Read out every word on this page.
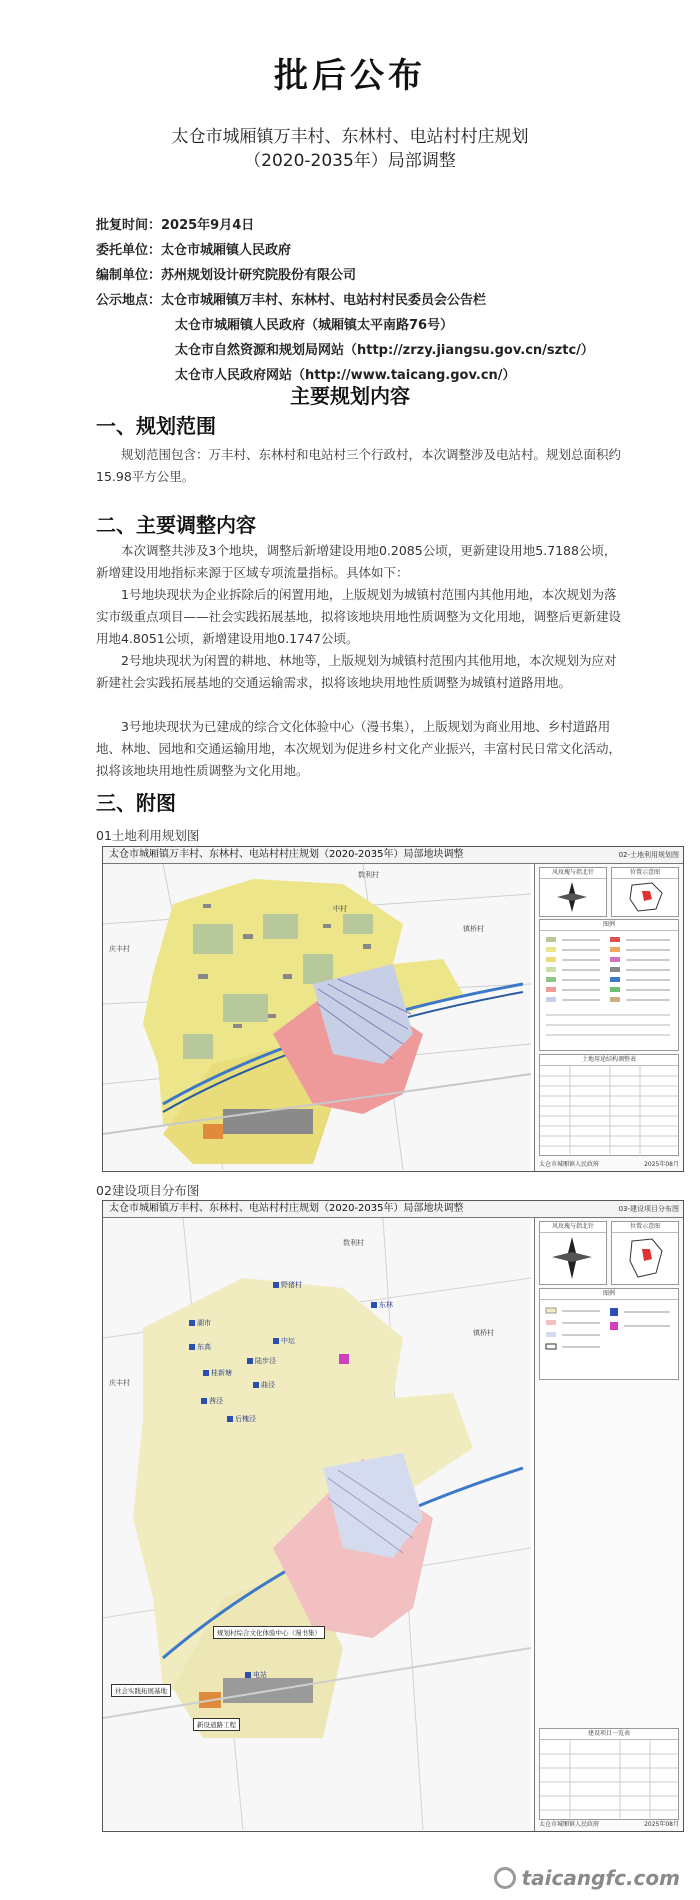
批后公布
太仓市城厢镇万丰村、东林村、电站村村庄规划
（2020-2035年）局部调整
批复时间：2025年9月4日
委托单位：太仓市城厢镇人民政府
编制单位：苏州规划设计研究院股份有限公司
公示地点：太仓市城厢镇万丰村、东林村、电站村村民委员会公告栏
太仓市城厢镇人民政府（城厢镇太平南路76号）
太仓市自然资源和规划局网站（http://zrzy.jiangsu.gov.cn/sztc/）
太仓市人民政府网站（http://www.taicang.gov.cn/）
主要规划内容
一、规划范围
规划范围包含：万丰村、东林村和电站村三个行政村，本次调整涉及电站村。规划总面积约15.98平方公里。
二、主要调整内容
本次调整共涉及3个地块，调整后新增建设用地0.2085公顷，更新建设用地5.7188公顷，新增建设用地指标来源于区域专项流量指标。具体如下：
1号地块现状为企业拆除后的闲置用地，上版规划为城镇村范围内其他用地，本次规划为落实市级重点项目——社会实践拓展基地，拟将该地块用地性质调整为文化用地，调整后更新建设用地4.8051公顷，新增建设用地0.1747公顷。
2号地块现状为闲置的耕地、林地等，上版规划为城镇村范围内其他用地，本次规划为应对新建社会实践拓展基地的交通运输需求，拟将该地块用地性质调整为城镇村道路用地。
3号地块现状为已建成的综合文化体验中心（漫书集），上版规划为商业用地、乡村道路用地、林地、园地和交通运输用地，本次规划为促进乡村文化产业振兴，丰富村民日常文化活动，拟将该地块用地性质调整为文化用地。
三、附图
01土地利用规划图
太仓市城厢镇万丰村、东林村、电站村村庄规划（2020-2035年）局部地块调整	02-土地利用规划图
数利村
中村
庆丰村
镇桥村
风玫瑰与指北针	位置示意图
图例
土地用途结构调整表
太仓市城厢镇人民政府	2025年08月
02建设项目分布图
太仓市城厢镇万丰村、东林村、电站村村庄规划（2020-2035年）局部地块调整	03-建设项目分布图
野猪村
东林
湖市
东高
中坛
陆步泾
桂新塘
曲泾
茜泾
后槐泾
电站
庆丰村
数利村
镇桥村
规划村综合文化体验中心（漫书集）
社会实践拓展基地
新设道路工程
风玫瑰与指北针	位置示意图
图例
建设项目一览表
太仓市城厢镇人民政府	2025年08月
taicangfc.com
